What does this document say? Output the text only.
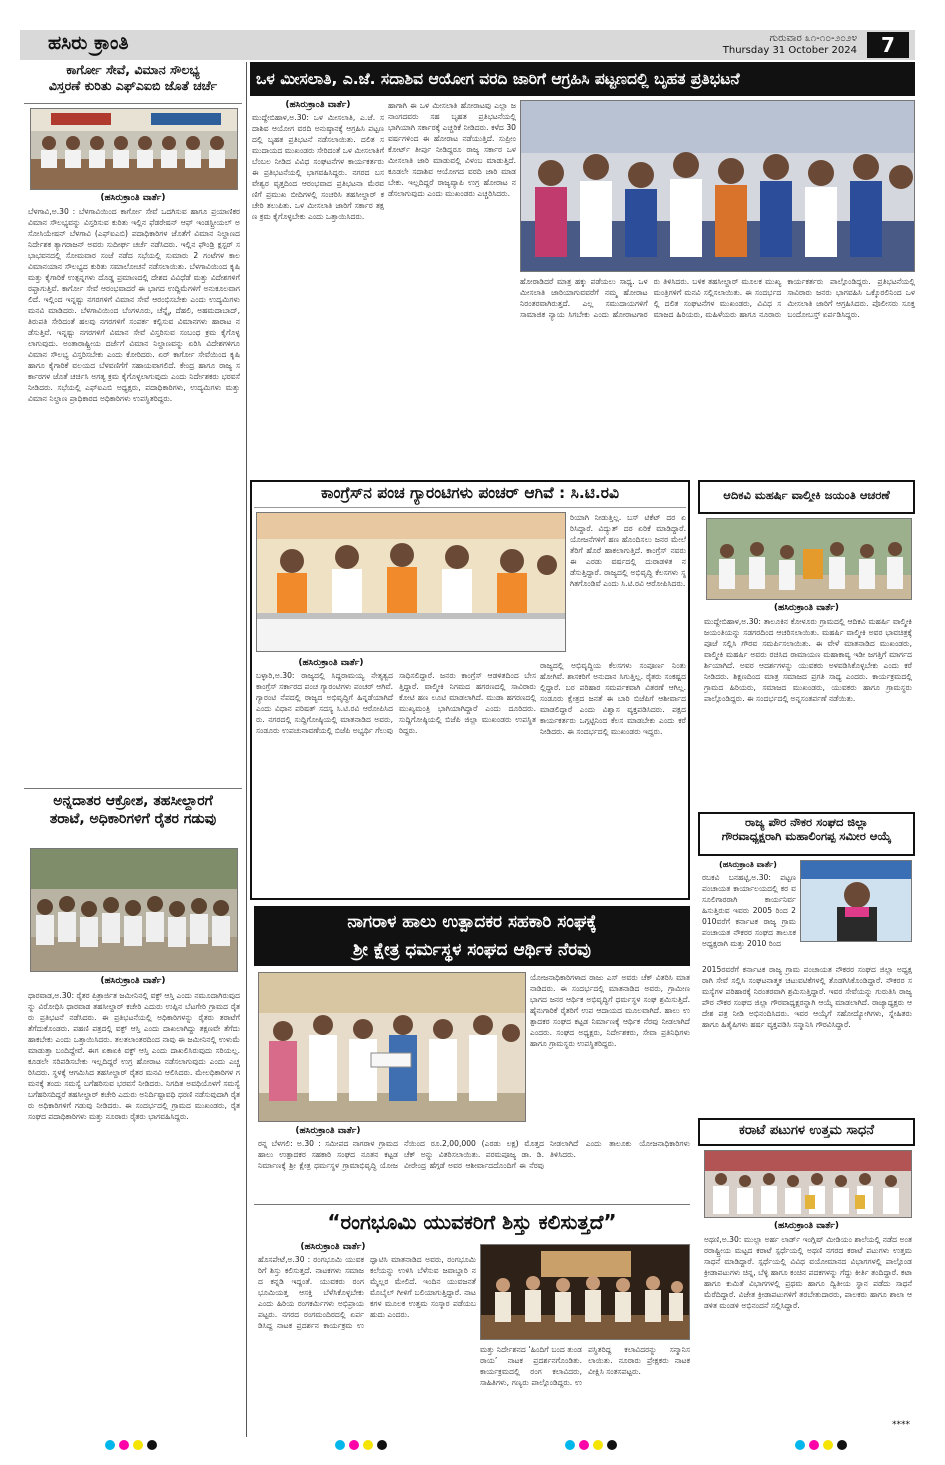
ಹಸಿರು ಕ್ರಾಂತಿ	ಗುರುವಾರ ೩೧-೧೦-೨೦೨೪
Thursday 31 October 2024	7
ಕಾರ್ಗೋ ಸೇವೆ, ವಿಮಾನ ಸೌಲಭ್ಯ
ವಿಸ್ತರಣೆ ಕುರಿತು ಎಫ್‌ಎಐಬಿ ಜೊತೆ ಚರ್ಚೆ
(ಹಸಿರುಕ್ರಾಂತಿ ವಾರ್ತೆ)
ಬೆಳಗಾವಿ,ಅ.30 : ಬೆಳಗಾವಿಯಿಂದ ಕಾರ್ಗೋ ಸೇವೆ ಒದಗಿಸುವ ಹಾಗೂ ಪ್ರಯಾಣಿಕರ ವಿಮಾನ ಸೌಲಭ್ಯವನ್ನು ವಿಸ್ತರಿಸುವ ಕುರಿತು ಇಲ್ಲಿನ ಫೆಡರೇಷನ್ ಆಫ್ ಇಂಡಸ್ಟ್ರೀಯಲ್ ಅಸೋಸಿಯೇಷನ್ ಬೆಳಗಾವಿ (ಎಫ್‌ಐಎಬಿ) ಪದಾಧಿಕಾರಿಗಳ ಜೊತೆಗೆ ವಿಮಾನ ನಿಲ್ದಾಣದ ನಿರ್ದೇಶಕ ತ್ಯಾಗರಾಜನ್ ಅವರು ಸುದೀರ್ಘ ಚರ್ಚೆ ನಡೆಸಿದರು. ಇಲ್ಲಿನ ಫೌಂಡ್ರಿ ಕ್ಲಸ್ಟರ್ ಸಭಾಭವನದಲ್ಲಿ ಸೋಮವಾರ ಸಂಜೆ ನಡೆದ ಸಭೆಯಲ್ಲಿ ಸುಮಾರು 2 ಗಂಟೆಗಳ ಕಾಲ ವಿಮಾನಯಾನ ಸೌಲಭ್ಯದ ಕುರಿತು ಸಮಾಲೋಚನೆ ನಡೆಸಲಾಯಿತು. ಬೆಳಗಾವಿಯಿಂದ ಕೃಷಿ ಮತ್ತು ಕೈಗಾರಿಕೆ ಉತ್ಪನ್ನಗಳು ದೊಡ್ಡ ಪ್ರಮಾಣದಲ್ಲಿ ದೇಶದ ವಿವಿಧೆಡೆ ಮತ್ತು ವಿದೇಶಗಳಿಗೆ ರಫ್ತಾಗುತ್ತಿವೆ. ಕಾರ್ಗೋ ಸೇವೆ ಆರಂಭವಾದರೆ ಈ ಭಾಗದ ಉದ್ದಿಮೆಗಳಿಗೆ ಅನುಕೂಲವಾಗಲಿದೆ. ಇಲ್ಲಿಂದ ಇನ್ನಷ್ಟು ನಗರಗಳಿಗೆ ವಿಮಾನ ಸೇವೆ ಆರಂಭಿಸಬೇಕು ಎಂದು ಉದ್ಯಮಿಗಳು ಮನವಿ ಮಾಡಿದರು. ಬೆಳಗಾವಿಯಿಂದ ಬೆಂಗಳೂರು, ಚೆನ್ನೈ, ದೆಹಲಿ, ಅಹಮದಾಬಾದ್, ತಿರುಪತಿ ಸೇರಿದಂತೆ ಹಲವು ನಗರಗಳಿಗೆ ಸಂಪರ್ಕ ಕಲ್ಪಿಸುವ ವಿಮಾನಗಳು ಹಾರಾಟ ನಡೆಸುತ್ತಿವೆ. ಇನ್ನಷ್ಟು ನಗರಗಳಿಗೆ ವಿಮಾನ ಸೇವೆ ವಿಸ್ತರಿಸುವ ಸಂಬಂಧ ಕ್ರಮ ಕೈಗೊಳ್ಳಲಾಗುವುದು. ಅಂತಾರಾಷ್ಟ್ರೀಯ ದರ್ಜೆಗೆ ವಿಮಾನ ನಿಲ್ದಾಣವನ್ನು ಏರಿಸಿ ವಿದೇಶಗಳಿಗೂ ವಿಮಾನ ಸೌಲಭ್ಯ ವಿಸ್ತರಿಸಬೇಕು ಎಂದು ಕೋರಿದರು. ಏರ್ ಕಾರ್ಗೋ ಸೇವೆಯಿಂದ ಕೃಷಿ ಹಾಗೂ ಕೈಗಾರಿಕೆ ವಲಯದ ಬೆಳವಣಿಗೆಗೆ ಸಹಾಯವಾಗಲಿದೆ. ಕೇಂದ್ರ ಹಾಗೂ ರಾಜ್ಯ ಸರ್ಕಾರಗಳ ಜೊತೆ ಚರ್ಚಿಸಿ ಅಗತ್ಯ ಕ್ರಮ ಕೈಗೊಳ್ಳಲಾಗುವುದು ಎಂದು ನಿರ್ದೇಶಕರು ಭರವಸೆ ನೀಡಿದರು. ಸಭೆಯಲ್ಲಿ ಎಫ್‌ಐಎಬಿ ಅಧ್ಯಕ್ಷರು, ಪದಾಧಿಕಾರಿಗಳು, ಉದ್ಯಮಿಗಳು ಮತ್ತು ವಿಮಾನ ನಿಲ್ದಾಣ ಪ್ರಾಧಿಕಾರದ ಅಧಿಕಾರಿಗಳು ಉಪಸ್ಥಿತರಿದ್ದರು.
ಅನ್ನದಾತರ ಆಕ್ರೋಶ, ತಹಸೀಲ್ದಾರಗೆ
ತರಾಟೆ, ಅಧಿಕಾರಿಗಳಿಗೆ ರೈತರ ಗಡುವು
(ಹಸಿರುಕ್ರಾಂತಿ ವಾರ್ತೆ)
ಧಾರವಾಡ,ಅ.30: ರೈತರ ಪಿತ್ರಾರ್ಜಿತ ಜಮೀನಿನಲ್ಲಿ ವಕ್ಫ್ ಆಸ್ತಿ ಎಂದು ನಮೂದಾಗಿರುವುದನ್ನು ವಿರೋಧಿಸಿ ಧಾರವಾಡ ತಹಸೀಲ್ದಾರ್ ಕಚೇರಿ ಎದುರು ಉಪ್ಪಿನ ಬೆಟಗೇರಿ ಗ್ರಾಮದ ರೈತರು ಪ್ರತಿಭಟನೆ ನಡೆಸಿದರು. ಈ ಪ್ರತಿಭಟನೆಯಲ್ಲಿ ಅಧಿಕಾರಿಗಳನ್ನು ರೈತರು ತರಾಟೆಗೆ ತೆಗೆದುಕೊಂಡರು. ಪಹಣಿ ಪತ್ರದಲ್ಲಿ ವಕ್ಫ್ ಆಸ್ತಿ ಎಂದು ದಾಖಲಾಗಿದ್ದು ತಕ್ಷಣವೇ ತೆಗೆದು ಹಾಕಬೇಕು ಎಂದು ಒತ್ತಾಯಿಸಿದರು. ತಲತಲಾಂತರದಿಂದ ನಾವು ಈ ಜಮೀನಿನಲ್ಲಿ ಉಳುಮೆ ಮಾಡುತ್ತಾ ಬಂದಿದ್ದೇವೆ. ಈಗ ಏಕಾಏಕಿ ವಕ್ಫ್ ಆಸ್ತಿ ಎಂದು ದಾಖಲಿಸಿರುವುದು ಸರಿಯಲ್ಲ. ಕೂಡಲೇ ಸರಿಪಡಿಸಬೇಕು ಇಲ್ಲದಿದ್ದರೆ ಉಗ್ರ ಹೋರಾಟ ನಡೆಸಲಾಗುವುದು ಎಂದು ಎಚ್ಚರಿಸಿದರು. ಸ್ಥಳಕ್ಕೆ ಆಗಮಿಸಿದ ತಹಸೀಲ್ದಾರ್ ರೈತರ ಮನವಿ ಆಲಿಸಿದರು. ಮೇಲಧಿಕಾರಿಗಳ ಗಮನಕ್ಕೆ ತಂದು ಸಮಸ್ಯೆ ಬಗೆಹರಿಸುವ ಭರವಸೆ ನೀಡಿದರು. ನಿಗದಿತ ಅವಧಿಯೊಳಗೆ ಸಮಸ್ಯೆ ಬಗೆಹರಿಸದಿದ್ದರೆ ತಹಸೀಲ್ದಾರ್ ಕಚೇರಿ ಎದುರು ಅನಿರ್ದಿಷ್ಟಾವಧಿ ಧರಣಿ ನಡೆಸುವುದಾಗಿ ರೈತರು ಅಧಿಕಾರಿಗಳಿಗೆ ಗಡುವು ನೀಡಿದರು. ಈ ಸಂದರ್ಭದಲ್ಲಿ ಗ್ರಾಮದ ಮುಖಂಡರು, ರೈತ ಸಂಘದ ಪದಾಧಿಕಾರಿಗಳು ಮತ್ತು ನೂರಾರು ರೈತರು ಭಾಗವಹಿಸಿದ್ದರು.
ಒಳ ಮೀಸಲಾತಿ, ಎ.ಜೆ. ಸದಾಶಿವ ಆಯೋಗ ವರದಿ ಜಾರಿಗೆ ಆಗ್ರಹಿಸಿ ಪಟ್ಟಣದಲ್ಲಿ ಬೃಹತ ಪ್ರತಿಭಟನೆ
(ಹಸಿರುಕ್ರಾಂತಿ ವಾರ್ತೆ)
ಮುದ್ದೇಬಿಹಾಳ,ಅ.30: ಒಳ ಮೀಸಲಾತಿ, ಎ.ಜೆ. ಸದಾಶಿವ ಆಯೋಗ ವರದಿ ಅನುಷ್ಠಾನಕ್ಕೆ ಆಗ್ರಹಿಸಿ ಪಟ್ಟಣದಲ್ಲಿ ಬೃಹತ ಪ್ರತಿಭಟನೆ ನಡೆಸಲಾಯಿತು. ದಲಿತ ಸಮುದಾಯದ ಮುಖಂಡರು ಸೇರಿದಂತೆ ಒಳ ಮೀಸಲಾತಿಗೆ ಬೆಂಬಲ ನೀಡಿದ ವಿವಿಧ ಸಂಘಟನೆಗಳ ಕಾರ್ಯಕರ್ತರು ಈ ಪ್ರತಿಭಟನೆಯಲ್ಲಿ ಭಾಗವಹಿಸಿದ್ದರು. ನಗರದ ಬಸವೇಶ್ವರ ವೃತ್ತದಿಂದ ಆರಂಭವಾದ ಪ್ರತಿಭಟನಾ ಮೆರವಣಿಗೆ ಪ್ರಮುಖ ಬೀದಿಗಳಲ್ಲಿ ಸಂಚರಿಸಿ ತಹಸೀಲ್ದಾರ್ ಕಚೇರಿ ತಲುಪಿತು. ಒಳ ಮೀಸಲಾತಿ ಜಾರಿಗೆ ಸರ್ಕಾರ ತಕ್ಷಣ ಕ್ರಮ ಕೈಗೊಳ್ಳಬೇಕು ಎಂದು ಒತ್ತಾಯಿಸಿದರು.
ಹಾಗಾಗಿ ಈ ಒಳ ಮೀಸಲಾತಿ ಹೋರಾಟವು ಎಲ್ಲಾ ಜನಾಂಗದವರು ಸಹ ಬೃಹತ ಪ್ರತಿಭಟನೆಯಲ್ಲಿ ಭಾಗಿಯಾಗಿ ಸರ್ಕಾರಕ್ಕೆ ಎಚ್ಚರಿಕೆ ನೀಡಿದರು. ಕಳೆದ 30 ವರ್ಷಗಳಿಂದ ಈ ಹೋರಾಟ ನಡೆಯುತ್ತಿದೆ. ಸುಪ್ರೀಂ ಕೋರ್ಟ್ ತೀರ್ಪು ನೀಡಿದ್ದರೂ ರಾಜ್ಯ ಸರ್ಕಾರ ಒಳ ಮೀಸಲಾತಿ ಜಾರಿ ಮಾಡುವಲ್ಲಿ ವಿಳಂಬ ಮಾಡುತ್ತಿದೆ. ಕೂಡಲೇ ಸದಾಶಿವ ಆಯೋಗದ ವರದಿ ಜಾರಿ ಮಾಡಬೇಕು. ಇಲ್ಲದಿದ್ದರೆ ರಾಜ್ಯವ್ಯಾಪಿ ಉಗ್ರ ಹೋರಾಟ ನಡೆಸಲಾಗುವುದು ಎಂದು ಮುಖಂಡರು ಎಚ್ಚರಿಸಿದರು.
ಹೋರಾಡಿದರೆ ಮಾತ್ರ ಹಕ್ಕು ಪಡೆಯಲು ಸಾಧ್ಯ. ಒಳ ಮೀಸಲಾತಿ ಜಾರಿಯಾಗುವವರೆಗೆ ನಮ್ಮ ಹೋರಾಟ ನಿರಂತರವಾಗಿರುತ್ತದೆ. ಎಲ್ಲ ಸಮುದಾಯಗಳಿಗೆ ಸಾಮಾಜಿಕ ನ್ಯಾಯ ಸಿಗಬೇಕು ಎಂದು ಹೋರಾಟಗಾರರು ತಿಳಿಸಿದರು. ಬಳಿಕ ತಹಸೀಲ್ದಾರ್ ಮೂಲಕ ಮುಖ್ಯಮಂತ್ರಿಗಳಿಗೆ ಮನವಿ ಸಲ್ಲಿಸಲಾಯಿತು. ಈ ಸಂದರ್ಭದಲ್ಲಿ ದಲಿತ ಸಂಘಟನೆಗಳ ಮುಖಂಡರು, ವಿವಿಧ ಸಮಾಜದ ಹಿರಿಯರು, ಮಹಿಳೆಯರು ಹಾಗೂ ನೂರಾರು ಕಾರ್ಯಕರ್ತರು ಪಾಲ್ಗೊಂಡಿದ್ದರು. ಪ್ರತಿಭಟನೆಯಲ್ಲಿ ಸಾವಿರಾರು ಜನರು ಭಾಗವಹಿಸಿ ಒಕ್ಕೊರಲಿನಿಂದ ಒಳ ಮೀಸಲಾತಿ ಜಾರಿಗೆ ಆಗ್ರಹಿಸಿದರು. ಪೊಲೀಸರು ಸೂಕ್ತ ಬಂದೋಬಸ್ತ್ ಏರ್ಪಡಿಸಿದ್ದರು.
ಕಾಂಗ್ರೆಸ್‌ನ ಪಂಚ ಗ್ಯಾರಂಟಿಗಳು ಪಂಚರ್ ಆಗಿವೆ : ಸಿ.ಟಿ.ರವಿ
ರಿಯಾಗಿ ನೀಡುತ್ತಿಲ್ಲ. ಬಸ್ ಟಿಕೆಟ್ ದರ ಏರಿಸಿದ್ದಾರೆ. ವಿದ್ಯುತ್ ದರ ಏರಿಕೆ ಮಾಡಿದ್ದಾರೆ. ಯೋಜನೆಗಳಿಗೆ ಹಣ ಹೊಂದಿಸಲು ಜನರ ಮೇಲೆ ತೆರಿಗೆ ಹೊರೆ ಹಾಕಲಾಗುತ್ತಿದೆ. ಕಾಂಗ್ರೆಸ್ ನವರು ಈ ಎರಡು ವರ್ಷದಲ್ಲಿ ದುರಾಡಳಿತ ನಡೆಸುತ್ತಿದ್ದಾರೆ. ರಾಜ್ಯದಲ್ಲಿ ಅಭಿವೃದ್ಧಿ ಕೆಲಸಗಳು ಸ್ಥಗಿತಗೊಂಡಿವೆ ಎಂದು ಸಿ.ಟಿ.ರವಿ ಆರೋಪಿಸಿದರು.
(ಹಸಿರುಕ್ರಾಂತಿ ವಾರ್ತೆ)
ಬಳ್ಳಾರಿ,ಅ.30: ರಾಜ್ಯದಲ್ಲಿ ಸಿದ್ದರಾಮಯ್ಯ ನೇತೃತ್ವದ ಕಾಂಗ್ರೆಸ್ ಸರ್ಕಾರದ ಪಂಚ ಗ್ಯಾರಂಟಿಗಳು ಪಂಚರ್ ಆಗಿವೆ. ಗ್ಯಾರಂಟಿ ನೆಪದಲ್ಲಿ ರಾಜ್ಯದ ಅಭಿವೃದ್ಧಿಗೆ ಹಿನ್ನಡೆಯಾಗಿದೆ ಎಂದು ವಿಧಾನ ಪರಿಷತ್ ಸದಸ್ಯ ಸಿ.ಟಿ.ರವಿ ಆರೋಪಿಸಿದರು. ನಗರದಲ್ಲಿ ಸುದ್ದಿಗೋಷ್ಠಿಯಲ್ಲಿ ಮಾತನಾಡಿದ ಅವರು, ಸಂಡೂರು ಉಪಚುನಾವಣೆಯಲ್ಲಿ ಬಿಜೆಪಿ ಅಭ್ಯರ್ಥಿ ಗೆಲುವು ಸಾಧಿಸಲಿದ್ದಾರೆ. ಜನರು ಕಾಂಗ್ರೆಸ್ ಆಡಳಿತದಿಂದ ಬೇಸತ್ತಿದ್ದಾರೆ. ವಾಲ್ಮೀಕಿ ನಿಗಮದ ಹಗರಣದಲ್ಲಿ ಸಾವಿರಾರು ಕೋಟಿ ಹಣ ಲೂಟಿ ಮಾಡಲಾಗಿದೆ. ಮುಡಾ ಹಗರಣದಲ್ಲಿ ಮುಖ್ಯಮಂತ್ರಿ ಭಾಗಿಯಾಗಿದ್ದಾರೆ ಎಂದು ದೂರಿದರು. ಸುದ್ದಿಗೋಷ್ಠಿಯಲ್ಲಿ ಬಿಜೆಪಿ ಜಿಲ್ಲಾ ಮುಖಂಡರು ಉಪಸ್ಥಿತರಿದ್ದರು.
ರಾಜ್ಯದಲ್ಲಿ ಅಭಿವೃದ್ಧಿಯ ಕೆಲಸಗಳು ಸಂಪೂರ್ಣ ನಿಂತು ಹೋಗಿವೆ. ಶಾಸಕರಿಗೆ ಅನುದಾನ ಸಿಗುತ್ತಿಲ್ಲ. ರೈತರು ಸಂಕಷ್ಟದಲ್ಲಿದ್ದಾರೆ. ಬರ ಪರಿಹಾರ ಸಮರ್ಪಕವಾಗಿ ವಿತರಣೆ ಆಗಿಲ್ಲ. ಸಂಡೂರು ಕ್ಷೇತ್ರದ ಜನತೆ ಈ ಬಾರಿ ಬಿಜೆಪಿಗೆ ಆಶೀರ್ವಾದ ಮಾಡಲಿದ್ದಾರೆ ಎಂದು ವಿಶ್ವಾಸ ವ್ಯಕ್ತಪಡಿಸಿದರು. ಪಕ್ಷದ ಕಾರ್ಯಕರ್ತರು ಒಗ್ಗಟ್ಟಿನಿಂದ ಕೆಲಸ ಮಾಡಬೇಕು ಎಂದು ಕರೆ ನೀಡಿದರು. ಈ ಸಂದರ್ಭದಲ್ಲಿ ಮುಖಂಡರು ಇದ್ದರು.
ಆದಿಕವಿ ಮಹರ್ಷಿ ವಾಲ್ಮೀಕಿ ಜಯಂತಿ ಆಚರಣೆ
(ಹಸಿರುಕ್ರಾಂತಿ ವಾರ್ತೆ)
ಮುದ್ದೇಬಿಹಾಳ,ಅ.30: ತಾಲೂಕಿನ ಕೋಳೂರು ಗ್ರಾಮದಲ್ಲಿ ಆದಿಕವಿ ಮಹರ್ಷಿ ವಾಲ್ಮೀಕಿ ಜಯಂತಿಯನ್ನು ಸಡಗರದಿಂದ ಆಚರಿಸಲಾಯಿತು. ಮಹರ್ಷಿ ವಾಲ್ಮೀಕಿ ಅವರ ಭಾವಚಿತ್ರಕ್ಕೆ ಪೂಜೆ ಸಲ್ಲಿಸಿ ಗೌರವ ಸಮರ್ಪಿಸಲಾಯಿತು. ಈ ವೇಳೆ ಮಾತನಾಡಿದ ಮುಖಂಡರು, ವಾಲ್ಮೀಕಿ ಮಹರ್ಷಿ ಅವರು ರಚಿಸಿದ ರಾಮಾಯಣ ಮಹಾಕಾವ್ಯ ಇಡೀ ಜಗತ್ತಿಗೆ ಮಾರ್ಗದರ್ಶಿಯಾಗಿದೆ. ಅವರ ಆದರ್ಶಗಳನ್ನು ಯುವಕರು ಅಳವಡಿಸಿಕೊಳ್ಳಬೇಕು ಎಂದು ಕರೆ ನೀಡಿದರು. ಶಿಕ್ಷಣದಿಂದ ಮಾತ್ರ ಸಮಾಜದ ಪ್ರಗತಿ ಸಾಧ್ಯ ಎಂದರು. ಕಾರ್ಯಕ್ರಮದಲ್ಲಿ ಗ್ರಾಮದ ಹಿರಿಯರು, ಸಮಾಜದ ಮುಖಂಡರು, ಯುವಕರು ಹಾಗೂ ಗ್ರಾಮಸ್ಥರು ಪಾಲ್ಗೊಂಡಿದ್ದರು. ಈ ಸಂದರ್ಭದಲ್ಲಿ ಅನ್ನಸಂತರ್ಪಣೆ ನಡೆಯಿತು.
ರಾಜ್ಯ ಪೌರ ನೌಕರ ಸಂಘದ ಜಿಲ್ಲಾ
ಗೌರವಾಧ್ಯಕ್ಷರಾಗಿ ಮಹಾಲಿಂಗಪ್ಪ ಸಮೀರ ಆಯ್ಕೆ
(ಹಸಿರುಕ್ರಾಂತಿ ವಾರ್ತೆ)
ರಬಕವಿ ಬನಹಟ್ಟಿ,ಅ.30: ಪಟ್ಟಣ ಪಂಚಾಯತ ಕಾರ್ಯಾಲಯದಲ್ಲಿ ಕರ ವಸೂಲಿಗಾರರಾಗಿ ಕಾರ್ಯನಿರ್ವಹಿಸುತ್ತಿರುವ ಇವರು 2005 ರಿಂದ 2010ವರೆಗೆ ಕರ್ನಾಟಕ ರಾಜ್ಯ ಗ್ರಾಮ ಪಂಚಾಯತ ನೌಕರರ ಸಂಘದ ತಾಲೂಕ ಅಧ್ಯಕ್ಷರಾಗಿ ಮತ್ತು 2010 ರಿಂದ
2015ರವರೆಗೆ ಕರ್ನಾಟಕ ರಾಜ್ಯ ಗ್ರಾಮ ಪಂಚಾಯತ ನೌಕರರ ಸಂಘದ ಜಿಲ್ಲಾ ಅಧ್ಯಕ್ಷರಾಗಿ ಸೇವೆ ಸಲ್ಲಿಸಿ ಸಂಘಟನಾತ್ಮಕ ಚಟುವಟಿಕೆಗಳಲ್ಲಿ ತೊಡಗಿಸಿಕೊಂಡಿದ್ದಾರೆ. ನೌಕರರ ಸಮಸ್ಯೆಗಳ ಪರಿಹಾರಕ್ಕೆ ನಿರಂತರವಾಗಿ ಶ್ರಮಿಸುತ್ತಿದ್ದಾರೆ. ಇವರ ಸೇವೆಯನ್ನು ಗುರುತಿಸಿ ರಾಜ್ಯ ಪೌರ ನೌಕರ ಸಂಘದ ಜಿಲ್ಲಾ ಗೌರವಾಧ್ಯಕ್ಷರನ್ನಾಗಿ ಆಯ್ಕೆ ಮಾಡಲಾಗಿದೆ. ರಾಜ್ಯಾಧ್ಯಕ್ಷರು ಆದೇಶ ಪತ್ರ ನೀಡಿ ಅಭಿನಂದಿಸಿದರು. ಇವರ ಆಯ್ಕೆಗೆ ಸಹೋದ್ಯೋಗಿಗಳು, ಸ್ನೇಹಿತರು ಹಾಗೂ ಹಿತೈಷಿಗಳು ಹರ್ಷ ವ್ಯಕ್ತಪಡಿಸಿ ಸನ್ಮಾನಿಸಿ ಗೌರವಿಸಿದ್ದಾರೆ.
ಕರಾಟೆ ಪಟುಗಳ ಉತ್ತಮ ಸಾಧನೆ
(ಹಸಿರುಕ್ರಾಂತಿ ವಾರ್ತೆ)
ಅಥಣಿ,ಅ.30: ಮುಲ್ಲಾ ಅರ್ಹ ಲಾರ್ಡ್ ಇಂಗ್ಲಿಷ್ ಮೀಡಿಯಂ ಶಾಲೆಯಲ್ಲಿ ನಡೆದ ಅಂತರರಾಷ್ಟ್ರೀಯ ಮಟ್ಟದ ಕರಾಟೆ ಸ್ಪರ್ಧೆಯಲ್ಲಿ ಅಥಣಿ ನಗರದ ಕರಾಟೆ ಪಟುಗಳು ಉತ್ತಮ ಸಾಧನೆ ಮಾಡಿದ್ದಾರೆ. ಸ್ಪರ್ಧೆಯಲ್ಲಿ ವಿವಿಧ ವಯೋಮಾನದ ವಿಭಾಗಗಳಲ್ಲಿ ಪಾಲ್ಗೊಂಡ ಕ್ರೀಡಾಪಟುಗಳು ಚಿನ್ನ, ಬೆಳ್ಳಿ ಹಾಗೂ ಕಂಚಿನ ಪದಕಗಳನ್ನು ಗೆದ್ದು ಕೀರ್ತಿ ತಂದಿದ್ದಾರೆ. ಕಟಾ ಹಾಗೂ ಕುಮಿತೆ ವಿಭಾಗಗಳಲ್ಲಿ ಪ್ರಥಮ ಹಾಗೂ ದ್ವಿತೀಯ ಸ್ಥಾನ ಪಡೆದು ಸಾಧನೆ ಮೆರೆದಿದ್ದಾರೆ. ವಿಜೇತ ಕ್ರೀಡಾಪಟುಗಳಿಗೆ ತರಬೇತುದಾರರು, ಪಾಲಕರು ಹಾಗೂ ಶಾಲಾ ಆಡಳಿತ ಮಂಡಳಿ ಅಭಿನಂದನೆ ಸಲ್ಲಿಸಿದ್ದಾರೆ.
****
ನಾಗರಾಳ ಹಾಲು ಉತ್ಪಾದಕರ ಸಹಕಾರಿ ಸಂಘಕ್ಕೆ
ಶ್ರೀ ಕ್ಷೇತ್ರ ಧರ್ಮಸ್ಥಳ ಸಂಘದ ಆರ್ಥಿಕ ನೆರವು
ಯೋಜನಾಧಿಕಾರಿಗಳಾದ ರಾಜು ಎಸ್ ಅವರು ಚೆಕ್ ವಿತರಿಸಿ ಮಾತನಾಡಿದರು. ಈ ಸಂದರ್ಭದಲ್ಲಿ ಮಾತನಾಡಿದ ಅವರು, ಗ್ರಾಮೀಣ ಭಾಗದ ಜನರ ಆರ್ಥಿಕ ಅಭಿವೃದ್ಧಿಗೆ ಧರ್ಮಸ್ಥಳ ಸಂಘ ಶ್ರಮಿಸುತ್ತಿದೆ. ಹೈನುಗಾರಿಕೆ ರೈತರಿಗೆ ಉಪ ಆದಾಯದ ಮೂಲವಾಗಿದೆ. ಹಾಲು ಉತ್ಪಾದಕರ ಸಂಘದ ಕಟ್ಟಡ ನಿರ್ಮಾಣಕ್ಕೆ ಆರ್ಥಿಕ ನೆರವು ನೀಡಲಾಗಿದೆ ಎಂದರು. ಸಂಘದ ಅಧ್ಯಕ್ಷರು, ನಿರ್ದೇಶಕರು, ಸೇವಾ ಪ್ರತಿನಿಧಿಗಳು ಹಾಗೂ ಗ್ರಾಮಸ್ಥರು ಉಪಸ್ಥಿತರಿದ್ದರು.
(ಹಸಿರುಕ್ರಾಂತಿ ವಾರ್ತೆ)
ರನ್ನ ಬೆಳಗಲಿ: ಅ.30 : ಸಮೀಪದ ನಾಗರಾಳ ಗ್ರಾಮದ ಹಾಲು ಉತ್ಪಾದಕರ ಸಹಕಾರಿ ಸಂಘದ ನೂತನ ಕಟ್ಟಡ ನಿರ್ಮಾಣಕ್ಕೆ ಶ್ರೀ ಕ್ಷೇತ್ರ ಧರ್ಮಸ್ಥಳ ಗ್ರಾಮಾಭಿವೃದ್ಧಿ ಯೋಜನೆಯಿಂದ ರೂ.2,00,000 (ಎರಡು ಲಕ್ಷ) ಮೊತ್ತದ ಚೆಕ್ ಅನ್ನು ವಿತರಿಸಲಾಯಿತು. ಪರಮಪೂಜ್ಯ ಡಾ. ಡಿ. ವೀರೇಂದ್ರ ಹೆಗ್ಗಡೆ ಅವರ ಆಶೀರ್ವಾದದೊಂದಿಗೆ ಈ ನೆರವು ನೀಡಲಾಗಿದೆ ಎಂದು ತಾಲೂಕು ಯೋಜನಾಧಿಕಾರಿಗಳು ತಿಳಿಸಿದರು.
“ರಂಗಭೂಮಿ ಯುವಕರಿಗೆ ಶಿಸ್ತು ಕಲಿಸುತ್ತದೆ”
(ಹಸಿರುಕ್ರಾಂತಿ ವಾರ್ತೆ)
ಹೊಸಪೇಟೆ,ಅ.30 : ರಂಗಭೂಮಿ ಯುವಕರಿಗೆ ಶಿಸ್ತು ಕಲಿಸುತ್ತದೆ. ನಾಟಕಗಳು ಸಮಾಜದ ಕನ್ನಡಿ ಇದ್ದಂತೆ. ಯುವಕರು ರಂಗಭೂಮಿಯತ್ತ ಆಸಕ್ತಿ ಬೆಳೆಸಿಕೊಳ್ಳಬೇಕು ಎಂದು ಹಿರಿಯ ರಂಗಕರ್ಮಿಗಳು ಅಭಿಪ್ರಾಯಪಟ್ಟರು. ನಗರದ ರಂಗಮಂದಿರದಲ್ಲಿ ಏರ್ಪಡಿಸಿದ್ದ ನಾಟಕ ಪ್ರದರ್ಶನ ಕಾರ್ಯಕ್ರಮ ಉದ್ಘಾಟಿಸಿ ಮಾತನಾಡಿದ ಅವರು, ರಂಗಭೂಮಿ ಕಲೆಯನ್ನು ಉಳಿಸಿ ಬೆಳೆಸುವ ಜವಾಬ್ದಾರಿ ನಮ್ಮೆಲ್ಲರ ಮೇಲಿದೆ. ಇಂದಿನ ಯುವಜನತೆ ಮೊಬೈಲ್ ಗೀಳಿಗೆ ಬಲಿಯಾಗುತ್ತಿದ್ದಾರೆ. ನಾಟಕಗಳ ಮೂಲಕ ಉತ್ತಮ ಸಂಸ್ಕಾರ ಪಡೆಯಬಹುದು ಎಂದರು.
ಮತ್ತು ನಿರ್ದೇಶನದ ‘ಹಿಂದಿಗೆ ಬಂದ ತುಂಡರಾಯ’ ನಾಟಕ ಪ್ರದರ್ಶನಗೊಂಡಿತು. ಕಾರ್ಯಕ್ರಮದಲ್ಲಿ ರಂಗ ಕಲಾವಿದರು, ಸಾಹಿತಿಗಳು, ಗಣ್ಯರು ಪಾಲ್ಗೊಂಡಿದ್ದರು. ಉಪಸ್ಥಿತರಿದ್ದ ಕಲಾವಿದರನ್ನು ಸನ್ಮಾನಿಸಲಾಯಿತು. ನೂರಾರು ಪ್ರೇಕ್ಷಕರು ನಾಟಕ ವೀಕ್ಷಿಸಿ ಸಂತಸಪಟ್ಟರು.
